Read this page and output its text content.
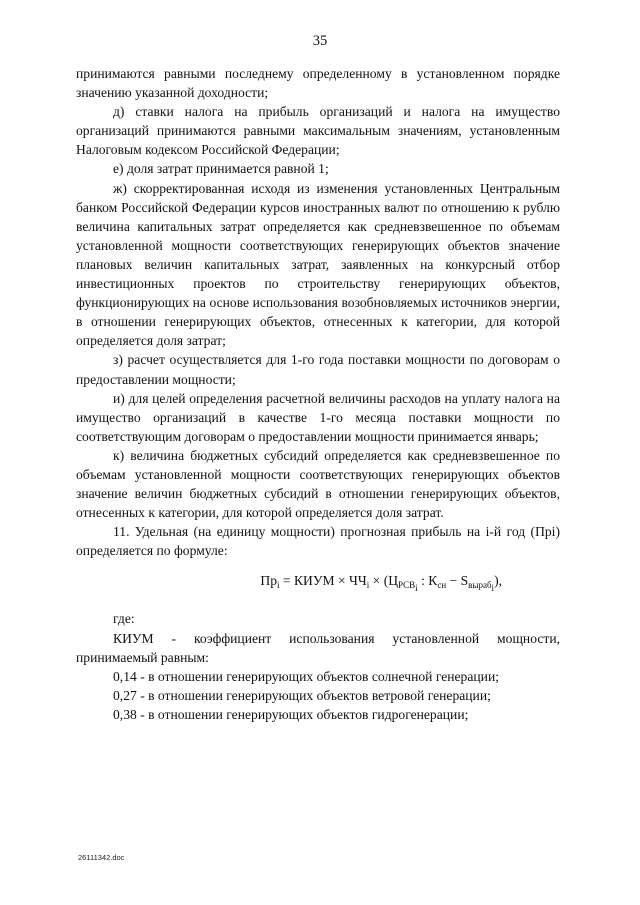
35

принимаются равными последнему определенному в установленном порядке значению указанной доходности;

д) ставки налога на прибыль организаций и налога на имущество организаций принимаются равными максимальным значениям, установленным Налоговым кодексом Российской Федерации;

е) доля затрат принимается равной 1;

ж) скорректированная исходя из изменения установленных Центральным банком Российской Федерации курсов иностранных валют по отношению к рублю величина капитальных затрат определяется как средневзвешенное по объемам установленной мощности соответствующих генерирующих объектов значение плановых величин капитальных затрат, заявленных на конкурсный отбор инвестиционных проектов по строительству генерирующих объектов, функционирующих на основе использования возобновляемых источников энергии, в отношении генерирующих объектов, отнесенных к категории, для которой определяется доля затрат;

з) расчет осуществляется для 1-го года поставки мощности по договорам о предоставлении мощности;

и) для целей определения расчетной величины расходов на уплату налога на имущество организаций в качестве 1-го месяца поставки мощности по соответствующим договорам о предоставлении мощности принимается январь;

к) величина бюджетных субсидий определяется как средневзвешенное по объемам установленной мощности соответствующих генерирующих объектов значение величин бюджетных субсидий в отношении генерирующих объектов, отнесенных к категории, для которой определяется доля затрат.

11. Удельная (на единицу мощности) прогнозная прибыль на i-й год (Прi) определяется по формуле:

$Пр_i$ = КИУМ × $ЧЧ_i \times (Ц_{РСВ_i}$ : $К_{сн} - S_{выраб_i}$),

где:

КИУМ - коэффициент использования установленной мощности, принимаемый равным:

0,14 - в отношении генерирующих объектов солнечной генерации;

0,27 - в отношении генерирующих объектов ветровой генерации;

0,38 - в отношении генерирующих объектов гидрогенерации;

26111342.doc
